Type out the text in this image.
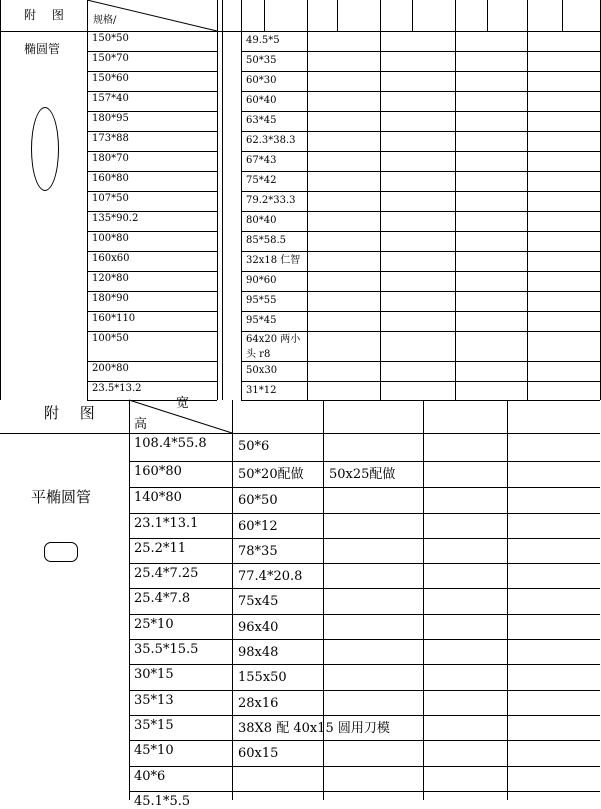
附 图 规格/
椭圆管
150*50
150*70
150*60
157*40
180*95
173*88
180*70
160*80
107*50
135*90.2
100*80
160x60
120*80
180*90
160*110
100*50
200*80
23.5*13.2
49.5*5
50*35
60*30
60*40
63*45
62.3*38.3
67*43
75*42
79.2*33.3
80*40
85*58.5
32x18 仁智
90*60
95*55
95*45
64x20 两小头 r8
50x30
31*12
宽
高
附 图
平椭圆管
108.4*55.8
160*80
140*80
23.1*13.1
25.2*11
25.4*7.25
25.4*7.8
25*10
35.5*15.5
30*15
35*13
35*15
45*10
40*6
45.1*5.5
50*6
50*20配做
60*50
60*12
78*35
77.4*20.8
75x45
96x40
98x48
155x50
28x16
38X8 配 40x15 圆用刀模
60x15
50x25配做
